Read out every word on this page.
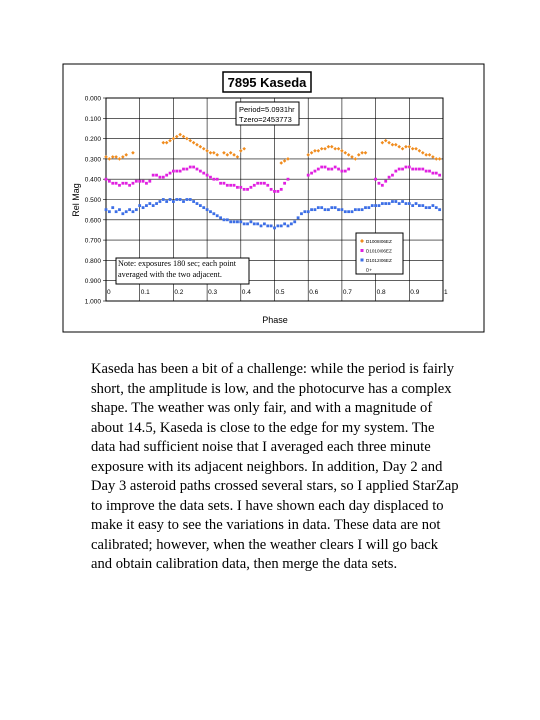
0.000
0.100
0.200
0.300
0.400
0.500
0.600
0.700
0.800
0.900
1.000
0	0.1	0.2	0.3	0.4	0.5	0.6	0.7	0.8	0.9	1
7895 Kaseda
Period=5.0931hr
Tzero=2453773
Note: exposures 180 sec; each point averaged with the two adjacent.
D1008I06EZ
D1010I06EZ
D1012I06EZ
D+
Rel Mag
Phase

Kaseda has been a bit of a challenge: while the period is fairly short, the amplitude is low, and the photocurve has a complex shape. The weather was only fair, and with a magnitude of about 14.5, Kaseda is close to the edge for my system. The data had sufficient noise that I averaged each three minute exposure with its adjacent neighbors. In addition, Day 2 and Day 3 asteroid paths crossed several stars, so I applied StarZap to improve the data sets. I have shown each day displaced to make it easy to see the variations in data. These data are not calibrated; however, when the weather clears I will go back and obtain calibration data, then merge the data sets.
